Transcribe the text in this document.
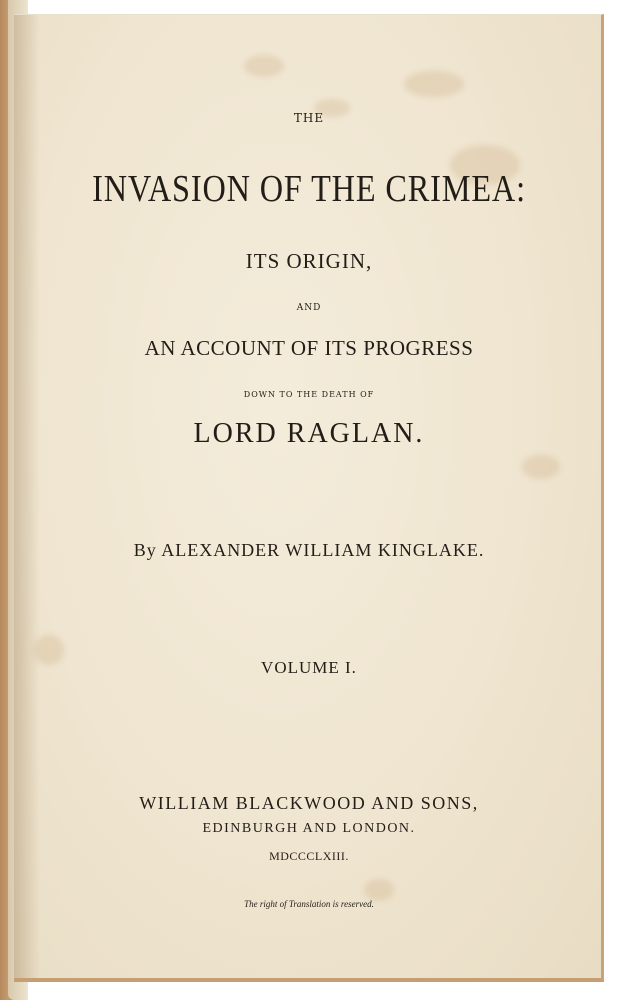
THE
INVASION OF THE CRIMEA:
ITS ORIGIN,
AND
AN ACCOUNT OF ITS PROGRESS
DOWN TO THE DEATH OF
LORD RAGLAN.
By ALEXANDER WILLIAM KINGLAKE.
VOLUME I.
WILLIAM BLACKWOOD AND SONS,
EDINBURGH AND LONDON.
MDCCCLXIII.
The right of Translation is reserved.
